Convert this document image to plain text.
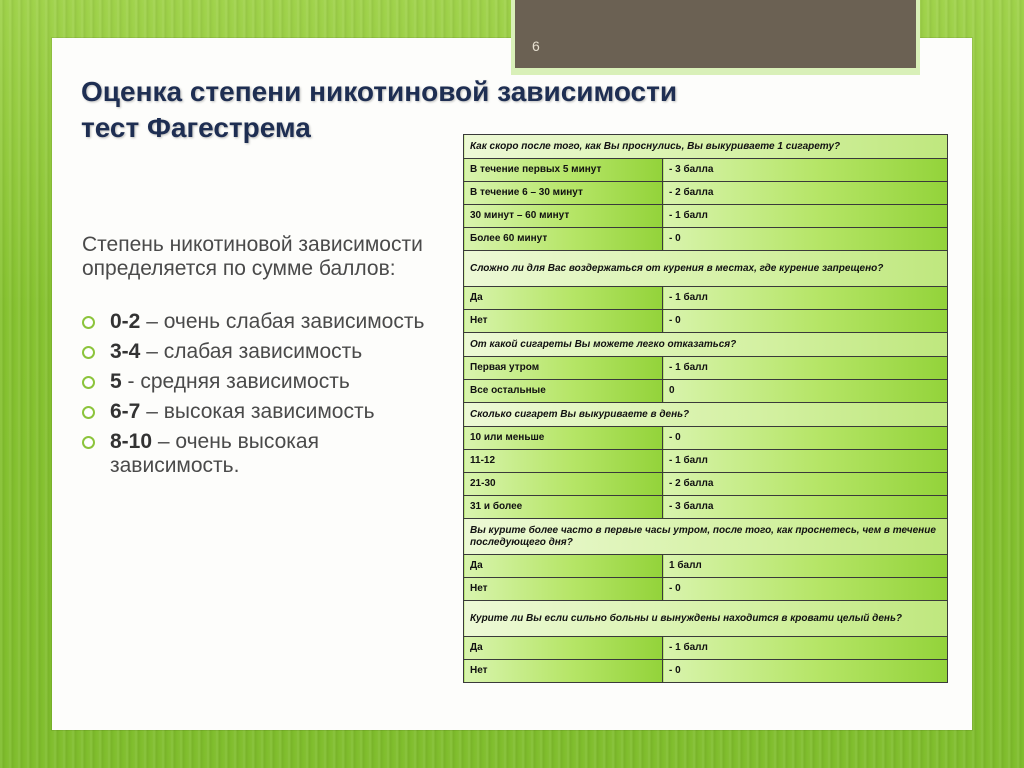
6
Оценка степени никотиновой зависимости
тест Фагестрема
Степень никотиновой зависимости определяется по сумме баллов:
0-2 – очень слабая зависимость
3-4 – слабая зависимость
5 - средняя зависимость
6-7 – высокая зависимость
8-10 – очень высокая зависимость.
Как скоро после того, как Вы проснулись, Вы выкуриваете 1 сигарету?	
В течение первых 5 минут	- 3 балла
В течение 6 – 30 минут	- 2 балла
30 минут – 60 минут	- 1 балл
Более 60 минут	- 0
Сложно ли для Вас воздержаться от курения в местах, где курение запрещено?	
Да	- 1 балл
Нет	- 0
От какой сигареты Вы можете легко отказаться?	
Первая утром	- 1 балл
Все остальные	0
Сколько сигарет Вы выкуриваете в день?	
10 или меньше	- 0
11-12	- 1 балл
21-30	- 2 балла
31 и более	- 3 балла
Вы курите более часто в первые часы утром, после того, как проснетесь, чем в течение последующего дня?	
Да	1 балл
Нет	- 0
Курите ли Вы если сильно больны и вынуждены находится в кровати целый день?	
Да	- 1 балл
Нет	- 0
